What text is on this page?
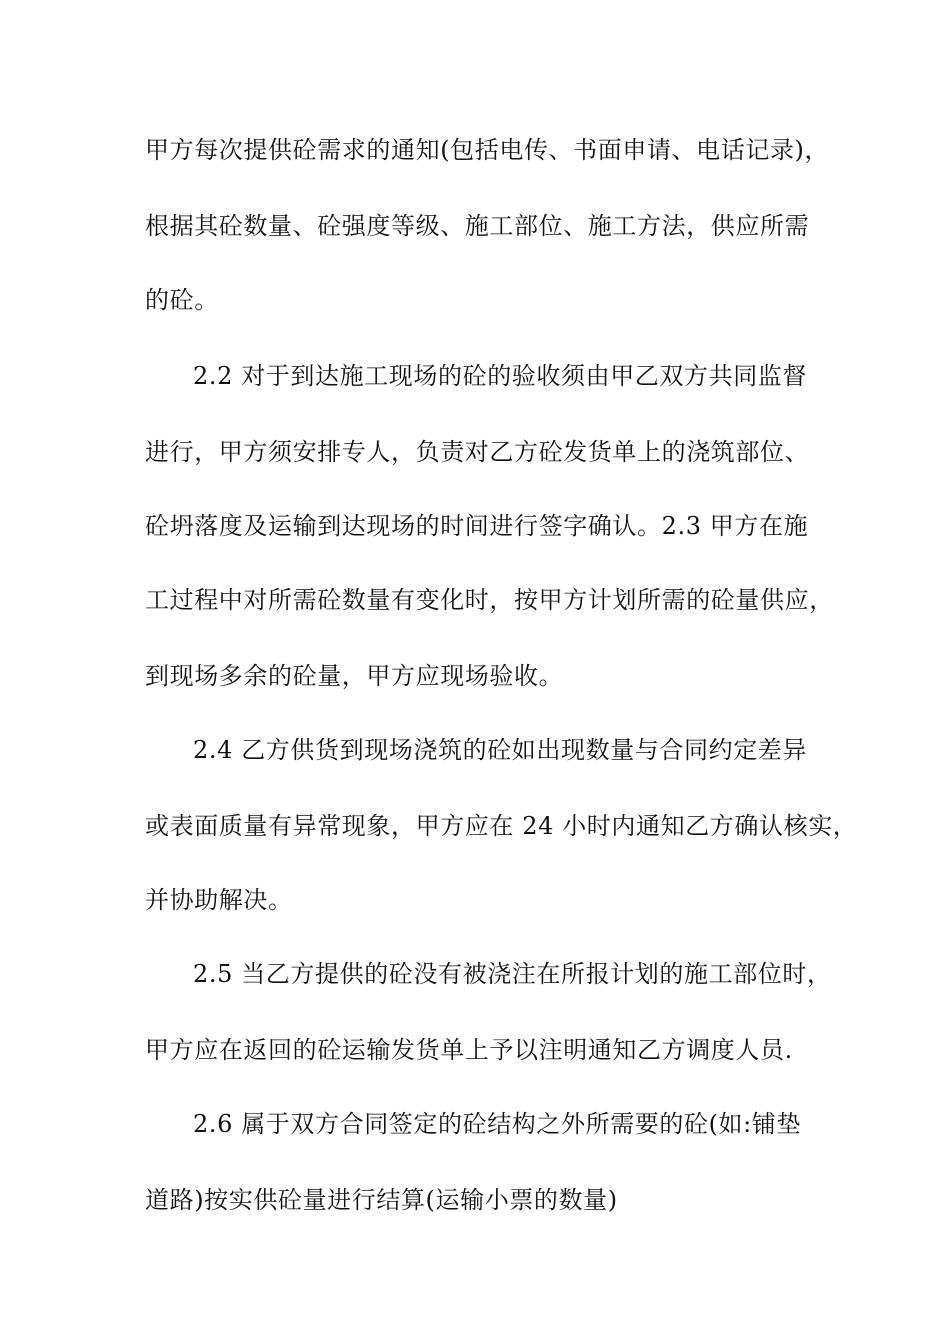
甲方每次提供砼需求的通知(包括电传、书面申请、电话记录)，
根据其砼数量、砼强度等级、施工部位、施工方法，供应所需
的砼。
2.2 对于到达施工现场的砼的验收须由甲乙双方共同监督
进行，甲方须安排专人，负责对乙方砼发货单上的浇筑部位、
砼坍落度及运输到达现场的时间进行签字确认。2.3 甲方在施
工过程中对所需砼数量有变化时，按甲方计划所需的砼量供应，
到现场多余的砼量，甲方应现场验收。
2.4 乙方供货到现场浇筑的砼如出现数量与合同约定差异
或表面质量有异常现象，甲方应在 24 小时内通知乙方确认核实，
并协助解决。
2.5 当乙方提供的砼没有被浇注在所报计划的施工部位时，
甲方应在返回的砼运输发货单上予以注明通知乙方调度人员.
2.6 属于双方合同签定的砼结构之外所需要的砼(如:铺垫
道路)按实供砼量进行结算(运输小票的数量)
